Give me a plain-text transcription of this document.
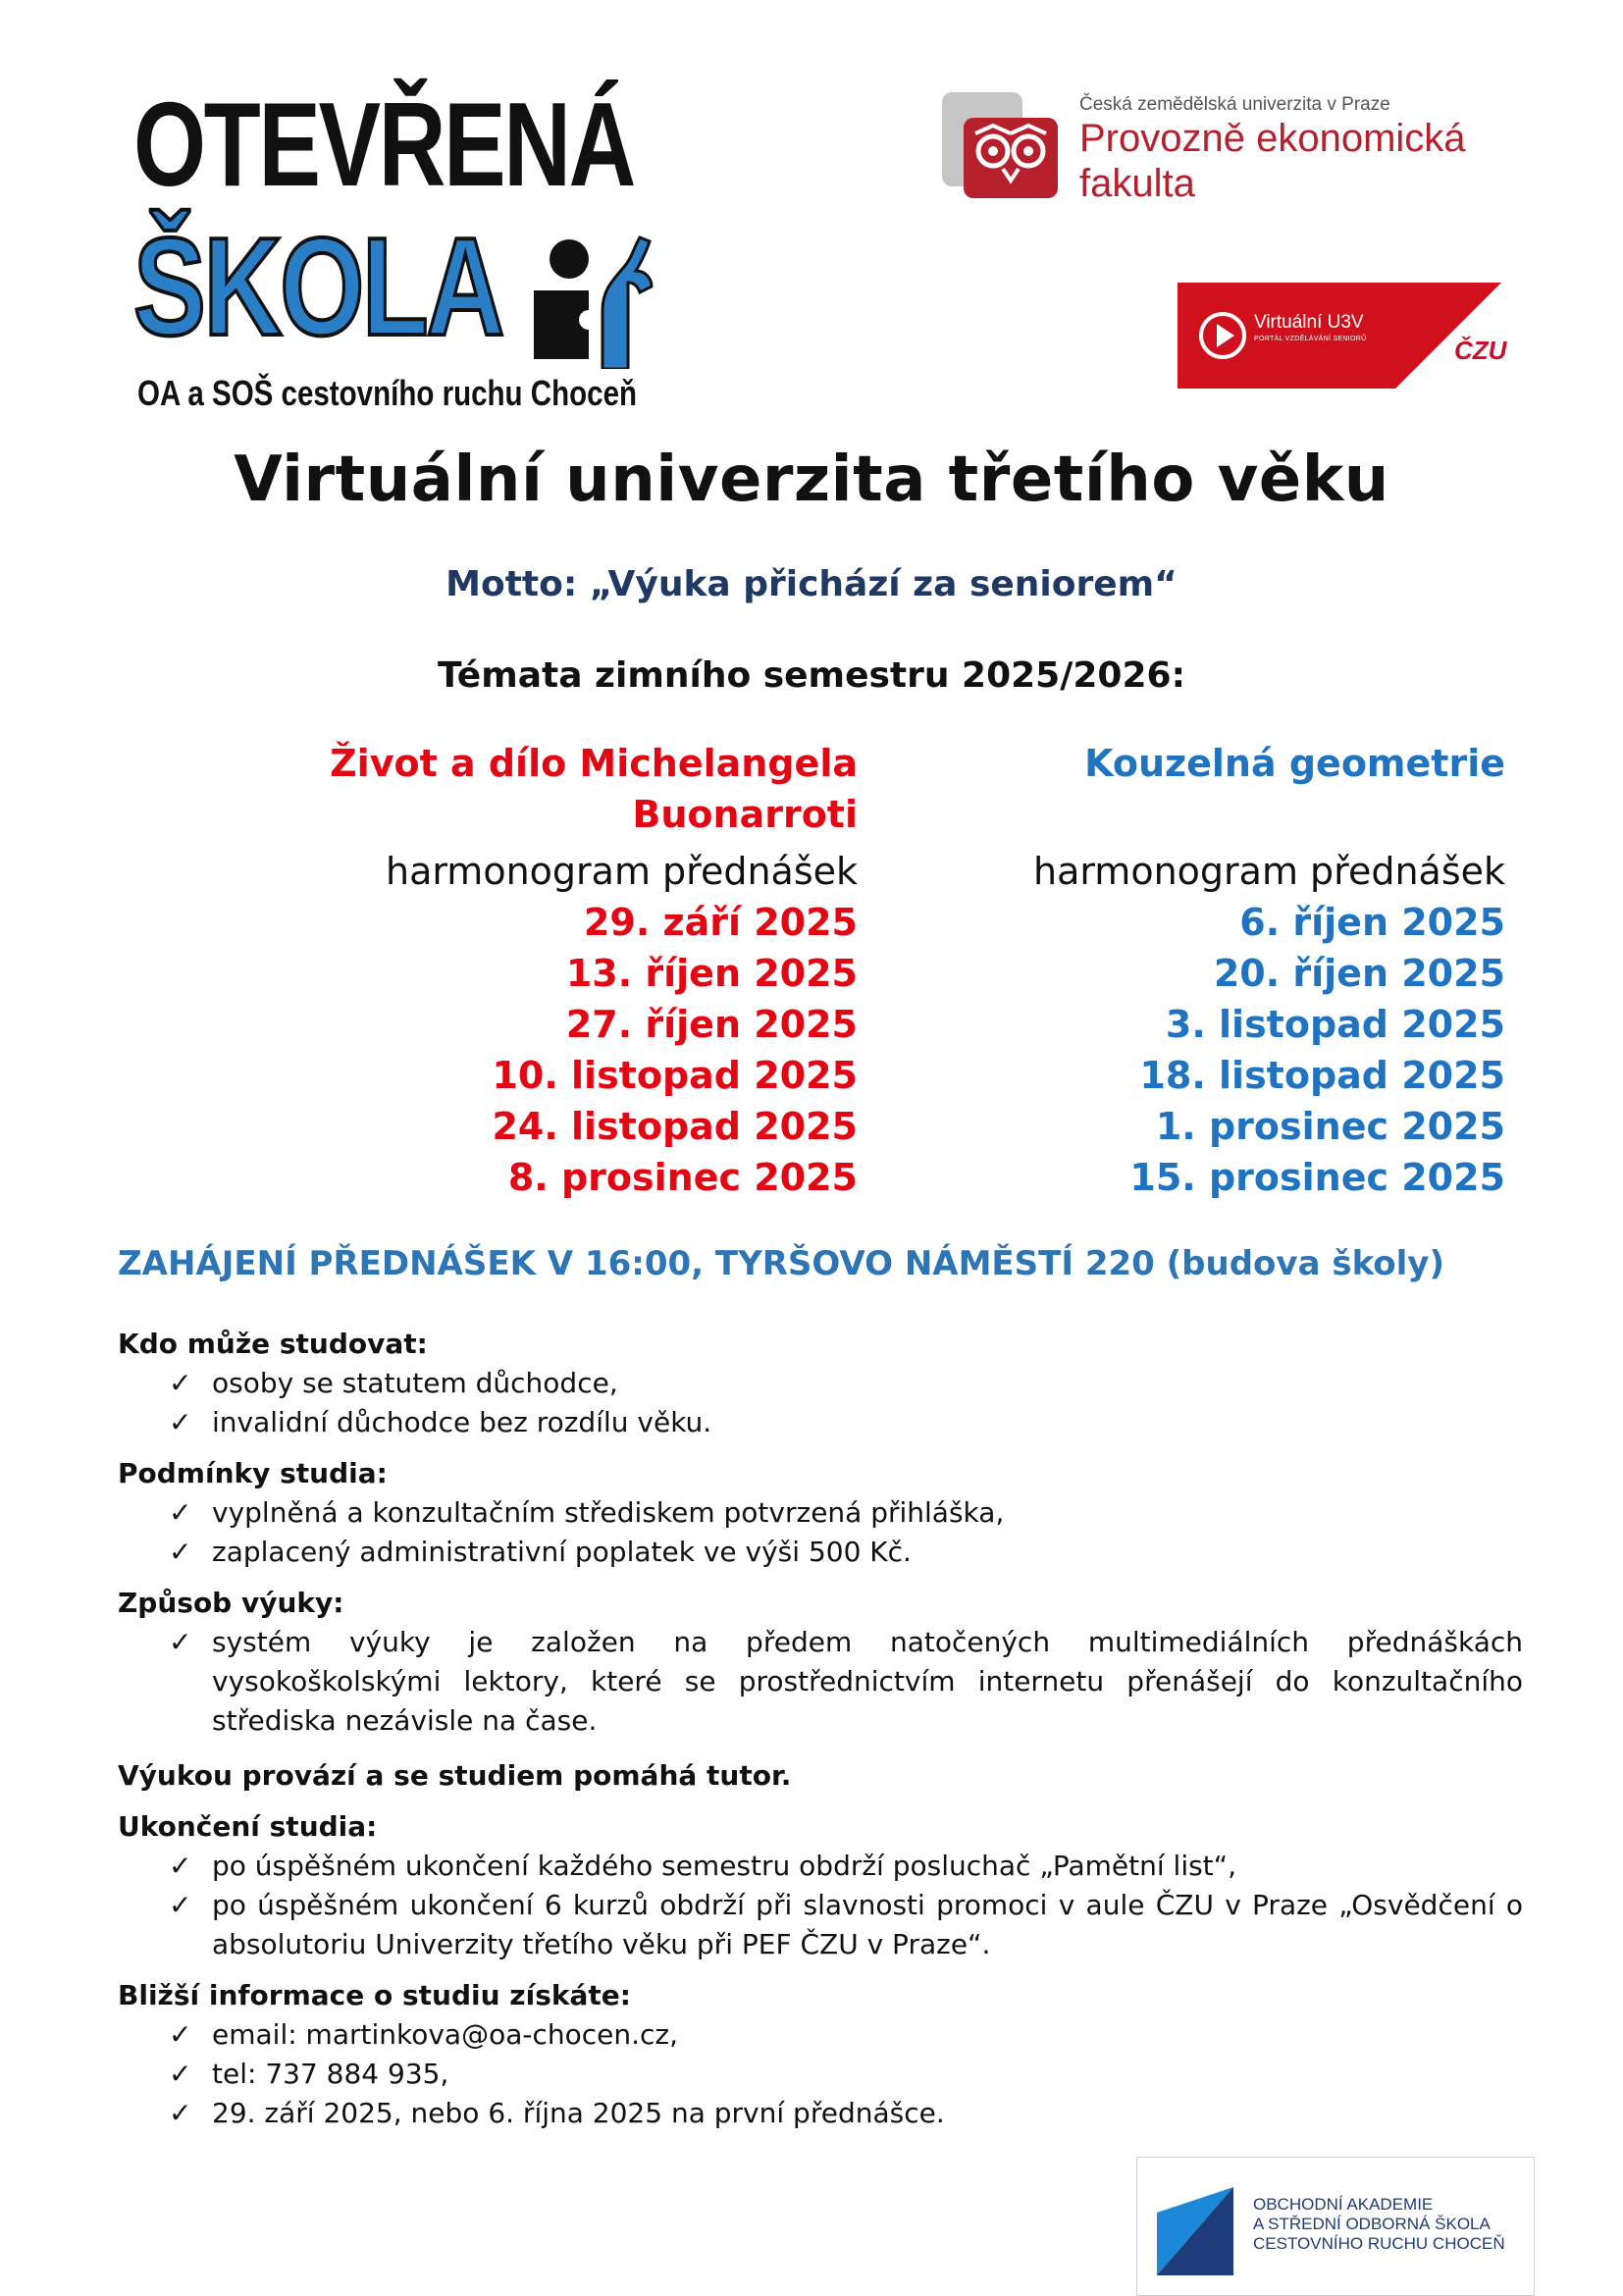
OTEVŘENÁ
ŠKOLA
OA a SOŠ cestovního ruchu Choceň
Česká zemědělská univerzita v Praze
Provozně ekonomická
fakulta
Virtuální U3V
PORTÁL VZDĚLÁVÁNÍ SENIORŮ	ČZU
Virtuální univerzita třetího věku
Motto: „Výuka přichází za seniorem“
Témata zimního semestru 2025/2026:
Život a dílo Michelangela
Buonarroti
harmonogram přednášek
29. září 2025
13. říjen 2025
27. říjen 2025
10. listopad 2025
24. listopad 2025
8. prosinec 2025
Kouzelná geometrie
harmonogram přednášek
6. říjen 2025
20. říjen 2025
3. listopad 2025
18. listopad 2025
1. prosinec 2025
15. prosinec 2025
ZAHÁJENÍ PŘEDNÁŠEK V 16:00, TYRŠOVO NÁMĚSTÍ 220 (budova školy)
Kdo může studovat:
✓ osoby se statutem důchodce,
✓ invalidní důchodce bez rozdílu věku.
Podmínky studia:
✓ vyplněná a konzultačním střediskem potvrzená přihláška,
✓ zaplacený administrativní poplatek ve výši 500 Kč.
Způsob výuky:
✓ systém výuky je založen na předem natočených multimediálních přednáškách vysokoškolskými lektory, které se prostřednictvím internetu přenášejí do konzultačního střediska nezávisle na čase.
Výukou provází a se studiem pomáhá tutor.
Ukončení studia:
✓ po úspěšném ukončení každého semestru obdrží posluchač „Pamětní list“,
✓ po úspěšném ukončení 6 kurzů obdrží při slavnosti promoci v aule ČZU v Praze „Osvědčení o absolutoriu Univerzity třetího věku při PEF ČZU v Praze“.
Bližší informace o studiu získáte:
✓ email: martinkova@oa-chocen.cz,
✓ tel: 737 884 935,
✓ 29. září 2025, nebo 6. října 2025 na první přednášce.
OBCHODNÍ AKADEMIE
A STŘEDNÍ ODBORNÁ ŠKOLA
CESTOVNÍHO RUCHU CHOCEŇ
